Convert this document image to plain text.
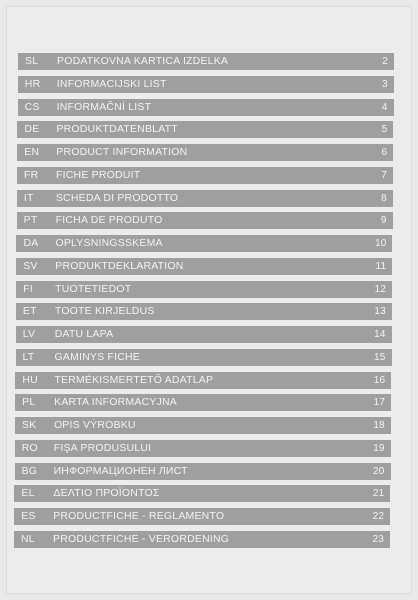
SL PODATKOVNA KARTICA IZDELKA	2
HR INFORMACIJSKI LIST	3
CS INFORMAČNÍ LIST	4
DE PRODUKTDATENBLATT	5
EN PRODUCT INFORMATION	6
FR FICHE PRODUIT	7
IT SCHEDA DI PRODOTTO	8
PT FICHA DE PRODUTO	9
DA OPLYSNINGSSKEMA	10
SV PRODUKTDEKLARATION	11
FI TUOTETIEDOT	12
ET TOOTE KIRJELDUS	13
LV DATU LAPA	14
LT GAMINYS FICHE	15
HU TERMÉKISMERTETŐ ADATLAP	16
PL KARTA INFORMACYJNA	17
SK OPIS VÝROBKU	18
RO FIŞA PRODUSULUI	19
BG ИНФОРМАЦИОНЕН ЛИСТ	20
EL ΔΕΛΤΙΟ ΠΡΟΪΟΝΤΟΣ	21
ES PRODUCTFICHE - REGLAMENTO	22
NL PRODUCTFICHE - VERORDENING	23
